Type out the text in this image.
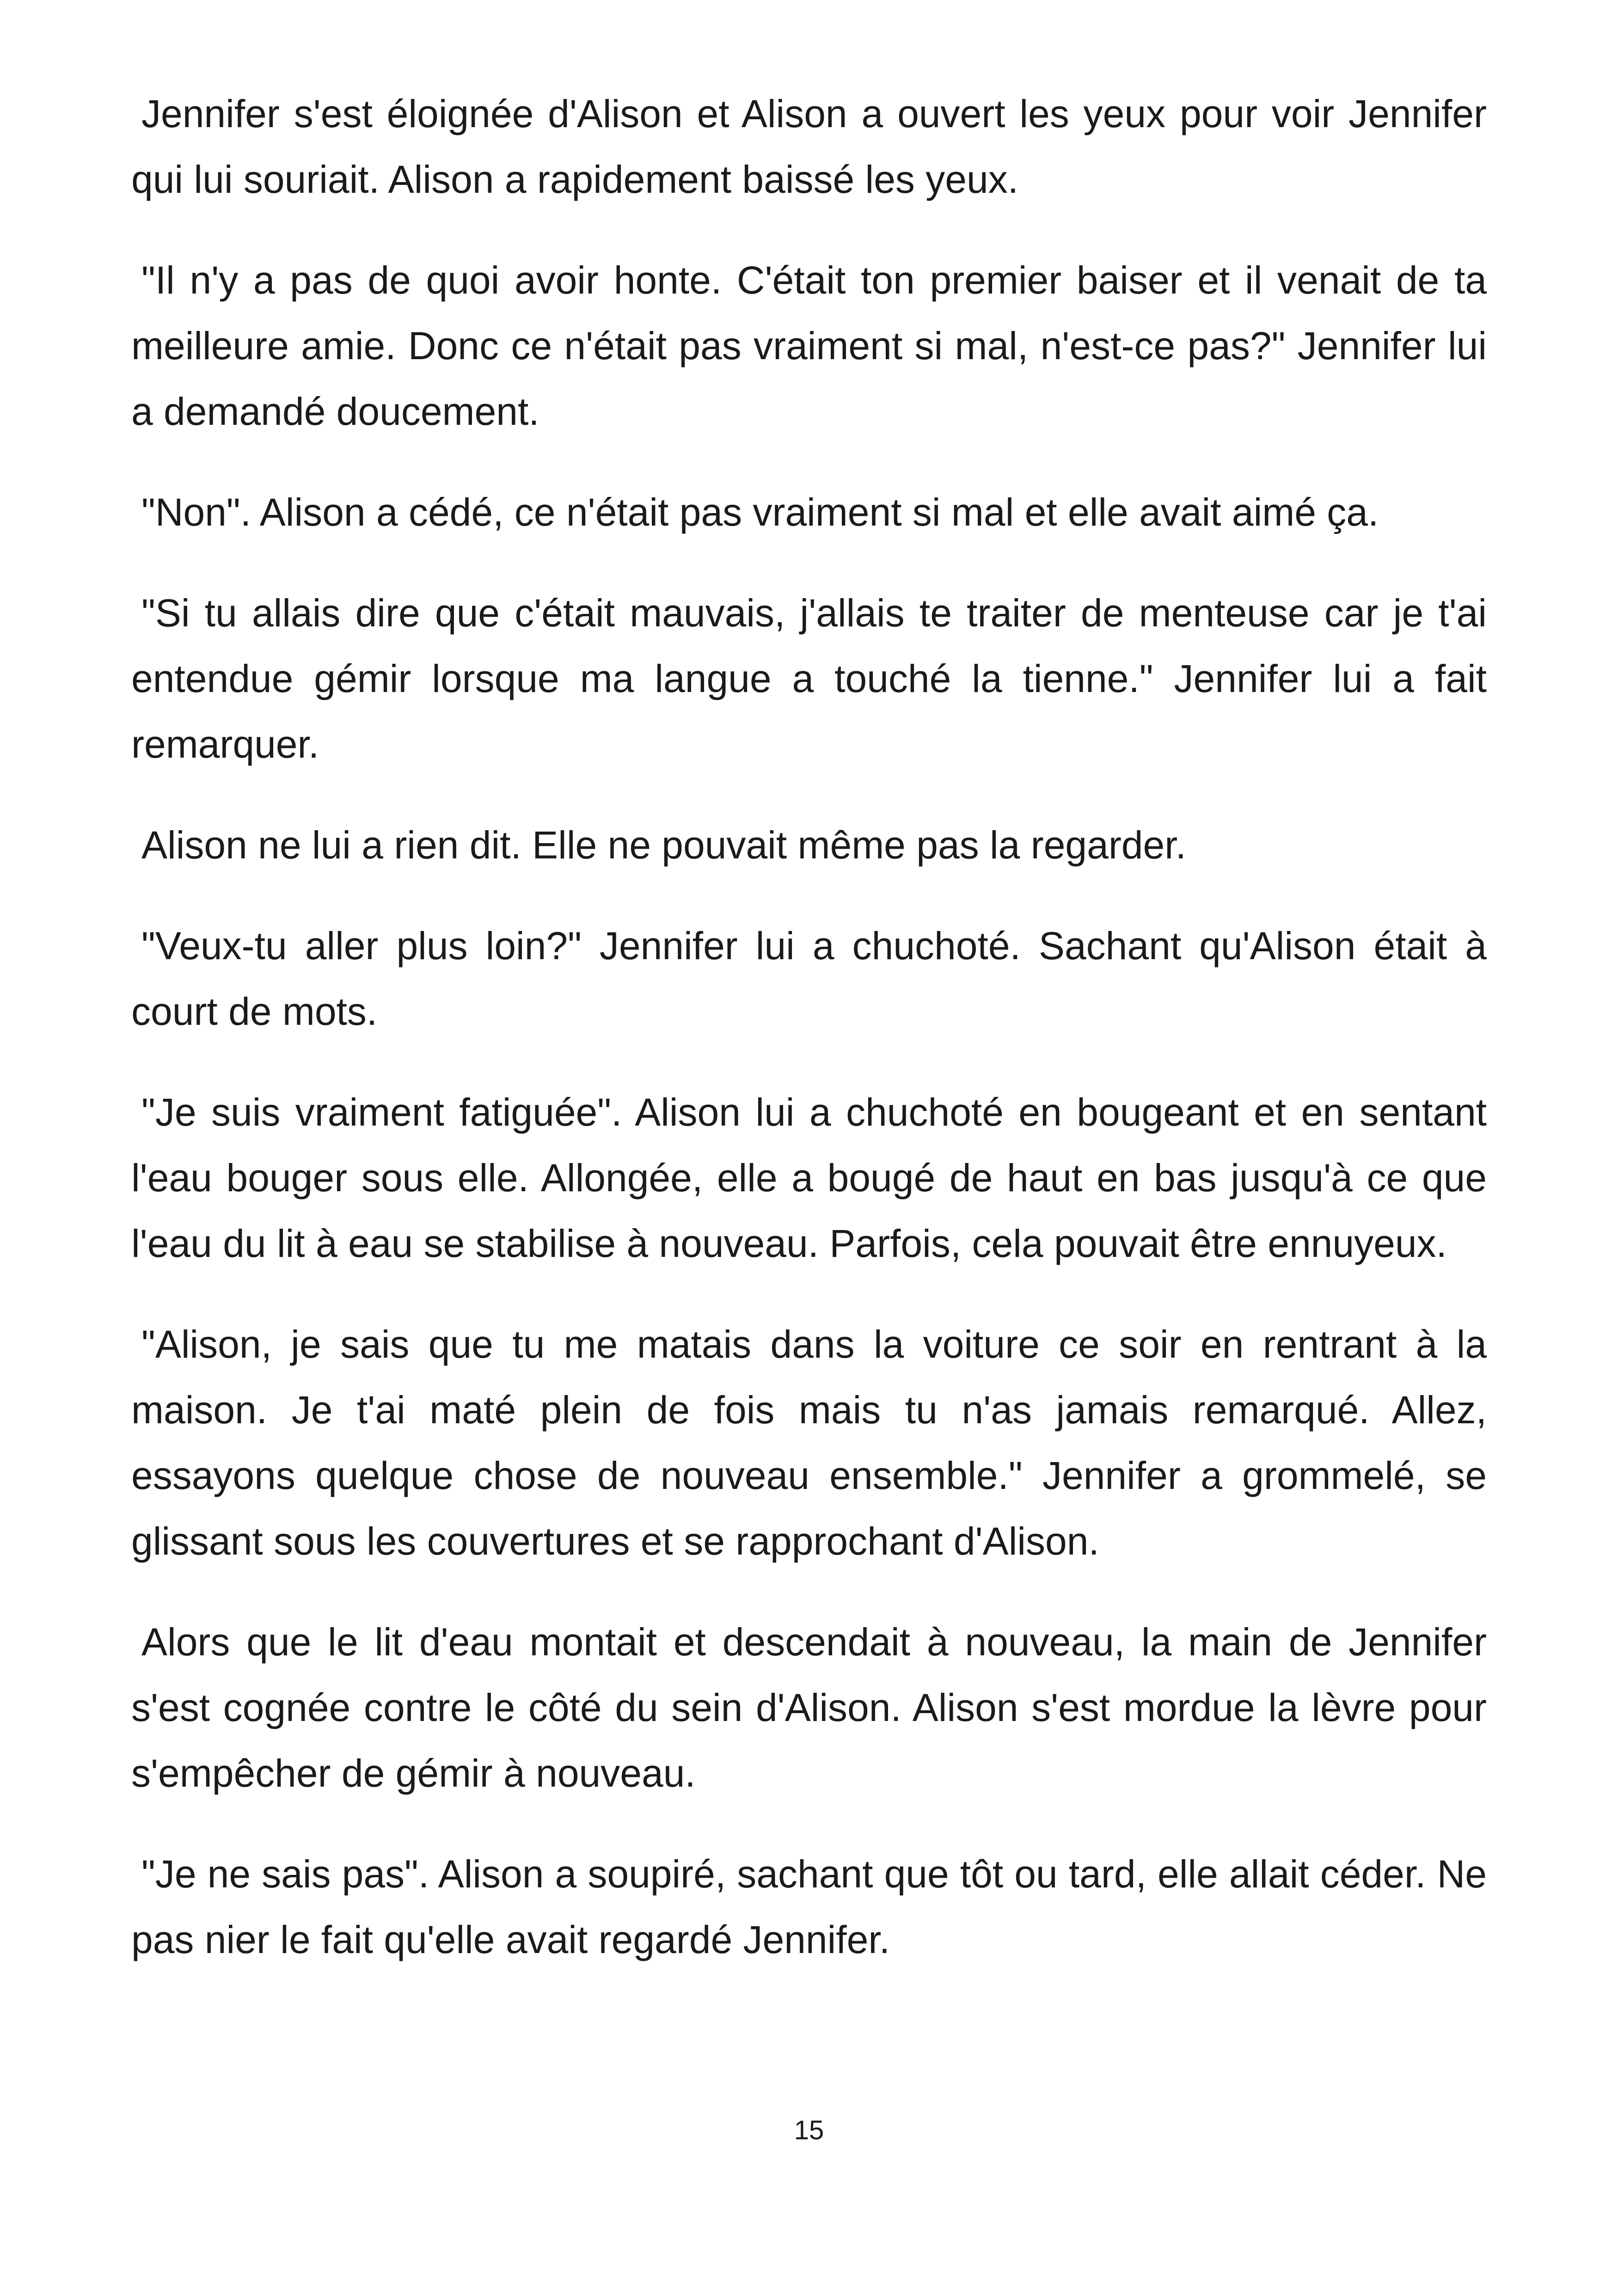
Jennifer s'est éloignée d'Alison et Alison a ouvert les yeux pour voir Jennifer qui lui souriait. Alison a rapidement baissé les yeux.

"Il n'y a pas de quoi avoir honte. C'était ton premier baiser et il venait de ta meilleure amie. Donc ce n'était pas vraiment si mal, n'est-ce pas?" Jennifer lui a demandé doucement.

"Non". Alison a cédé, ce n'était pas vraiment si mal et elle avait aimé ça.

"Si tu allais dire que c'était mauvais, j'allais te traiter de menteuse car je t'ai entendue gémir lorsque ma langue a touché la tienne." Jennifer lui a fait remarquer.

Alison ne lui a rien dit. Elle ne pouvait même pas la regarder.

"Veux-tu aller plus loin?" Jennifer lui a chuchoté. Sachant qu'Alison était à court de mots.

"Je suis vraiment fatiguée". Alison lui a chuchoté en bougeant et en sentant l'eau bouger sous elle. Allongée, elle a bougé de haut en bas jusqu'à ce que l'eau du lit à eau se stabilise à nouveau. Parfois, cela pouvait être ennuyeux.

"Alison, je sais que tu me matais dans la voiture ce soir en rentrant à la maison. Je t'ai maté plein de fois mais tu n'as jamais remarqué. Allez, essayons quelque chose de nouveau ensemble." Jennifer a grommelé, se glissant sous les couvertures et se rapprochant d'Alison.

Alors que le lit d'eau montait et descendait à nouveau, la main de Jennifer s'est cognée contre le côté du sein d'Alison. Alison s'est mordue la lèvre pour s'empêcher de gémir à nouveau.

"Je ne sais pas". Alison a soupiré, sachant que tôt ou tard, elle allait céder. Ne pas nier le fait qu'elle avait regardé Jennifer.

15
